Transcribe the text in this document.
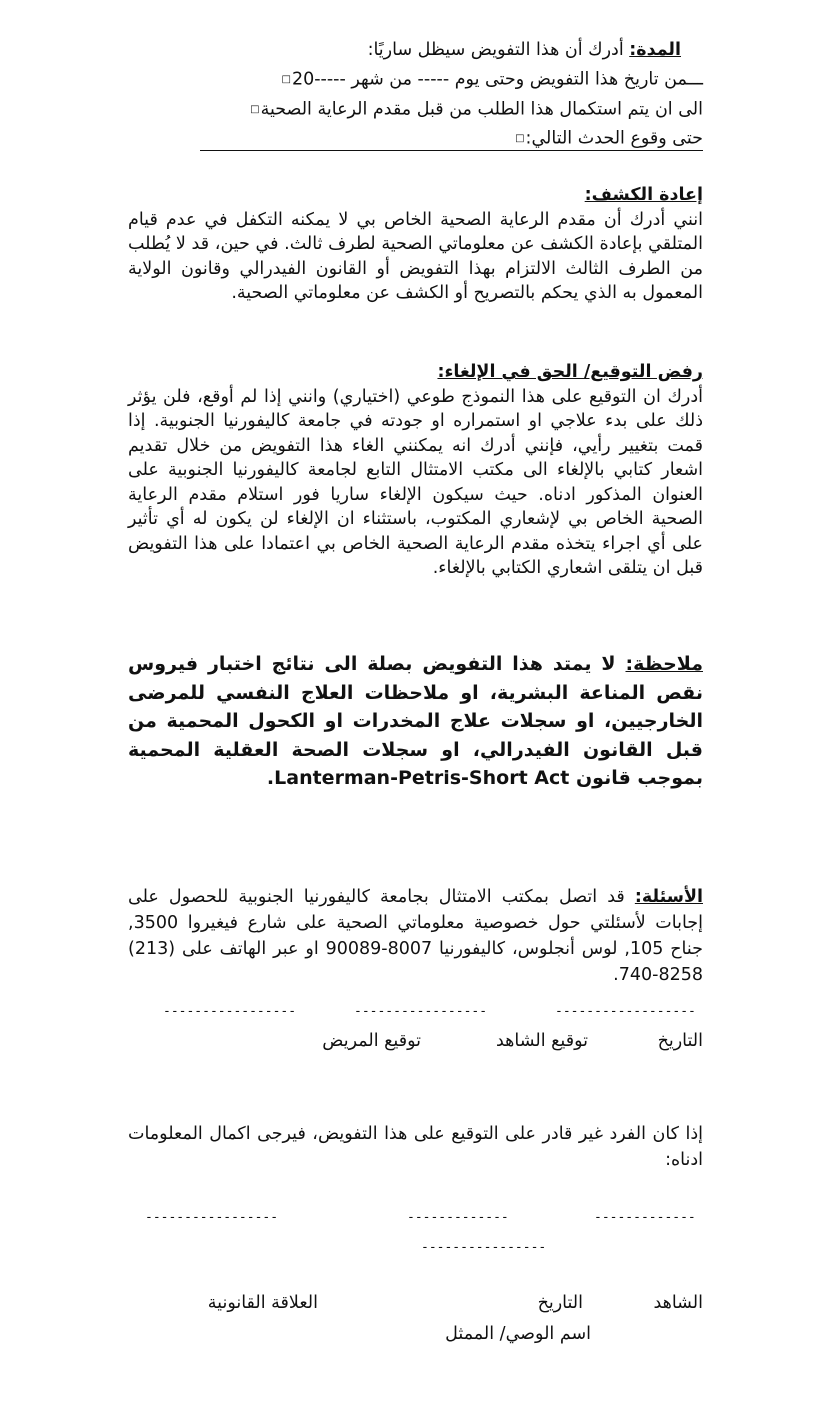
المدة: أدرك أن هذا التفويض سيظل ساريًا:
ـــمن تاريخ هذا التفويض وحتى يوم ----- من شهر -----20□
الى ان يتم استكمال هذا الطلب من قبل مقدم الرعاية الصحية□
حتى وقوع الحدث التالي:□
إعادة الكشف:
انني أدرك أن مقدم الرعاية الصحية الخاص بي لا يمكنه التكفل في عدم قيام المتلقي بإعادة الكشف عن معلوماتي الصحية لطرف ثالث. في حين، قد لا يُطلب من الطرف الثالث الالتزام بهذا التفويض أو القانون الفيدرالي وقانون الولاية المعمول به الذي يحكم بالتصريح أو الكشف عن معلوماتي الصحية.
رفض التوقيع/ الحق في الإلغاء:
أدرك ان التوقيع على هذا النموذج طوعي (اختياري) وانني إذا لم أوقع، فلن يؤثر ذلك على بدء علاجي او استمراره او جودته في جامعة كاليفورنيا الجنوبية. إذا قمت بتغيير رأيي، فإنني أدرك انه يمكنني الغاء هذا التفويض من خلال تقديم اشعار كتابي بالإلغاء الى مكتب الامتثال التابع لجامعة كاليفورنيا الجنوبية على العنوان المذكور ادناه. حيث سيكون الإلغاء ساريا فور استلام مقدم الرعاية الصحية الخاص بي لإشعاري المكتوب، باستثناء ان الإلغاء لن يكون له أي تأثير على أي اجراء يتخذه مقدم الرعاية الصحية الخاص بي اعتمادا على هذا التفويض قبل ان يتلقى اشعاري الكتابي بالإلغاء.
ملاحظة: لا يمتد هذا التفويض بصلة الى نتائج اختبار فيروس نقص المناعة البشرية، او ملاحظات العلاج النفسي للمرضى الخارجيين، او سجلات علاج المخدرات او الكحول المحمية من قبل القانون الفيدرالي، او سجلات الصحة العقلية المحمية بموجب قانون Lanterman-Petris-Short Act.
الأسئلة: قد اتصل بمكتب الامتثال بجامعة كاليفورنيا الجنوبية للحصول على إجابات لأسئلتي حول خصوصية معلوماتي الصحية على شارع فيغيروا 3500, جناح 105, لوس أنجلوس، كاليفورنيا 8007-90089 او عبر الهاتف على (213) 8258-740.
------------------
-----------------
-----------------
التاريخ
توقيع الشاهد
توقيع المريض
إذا كان الفرد غير قادر على التوقيع على هذا التفويض، فيرجى اكمال المعلومات ادناه:
-------------
-------------
-----------------
----------------
الشاهد
التاريخ
العلاقة القانونية
اسم الوصي/ الممثل
